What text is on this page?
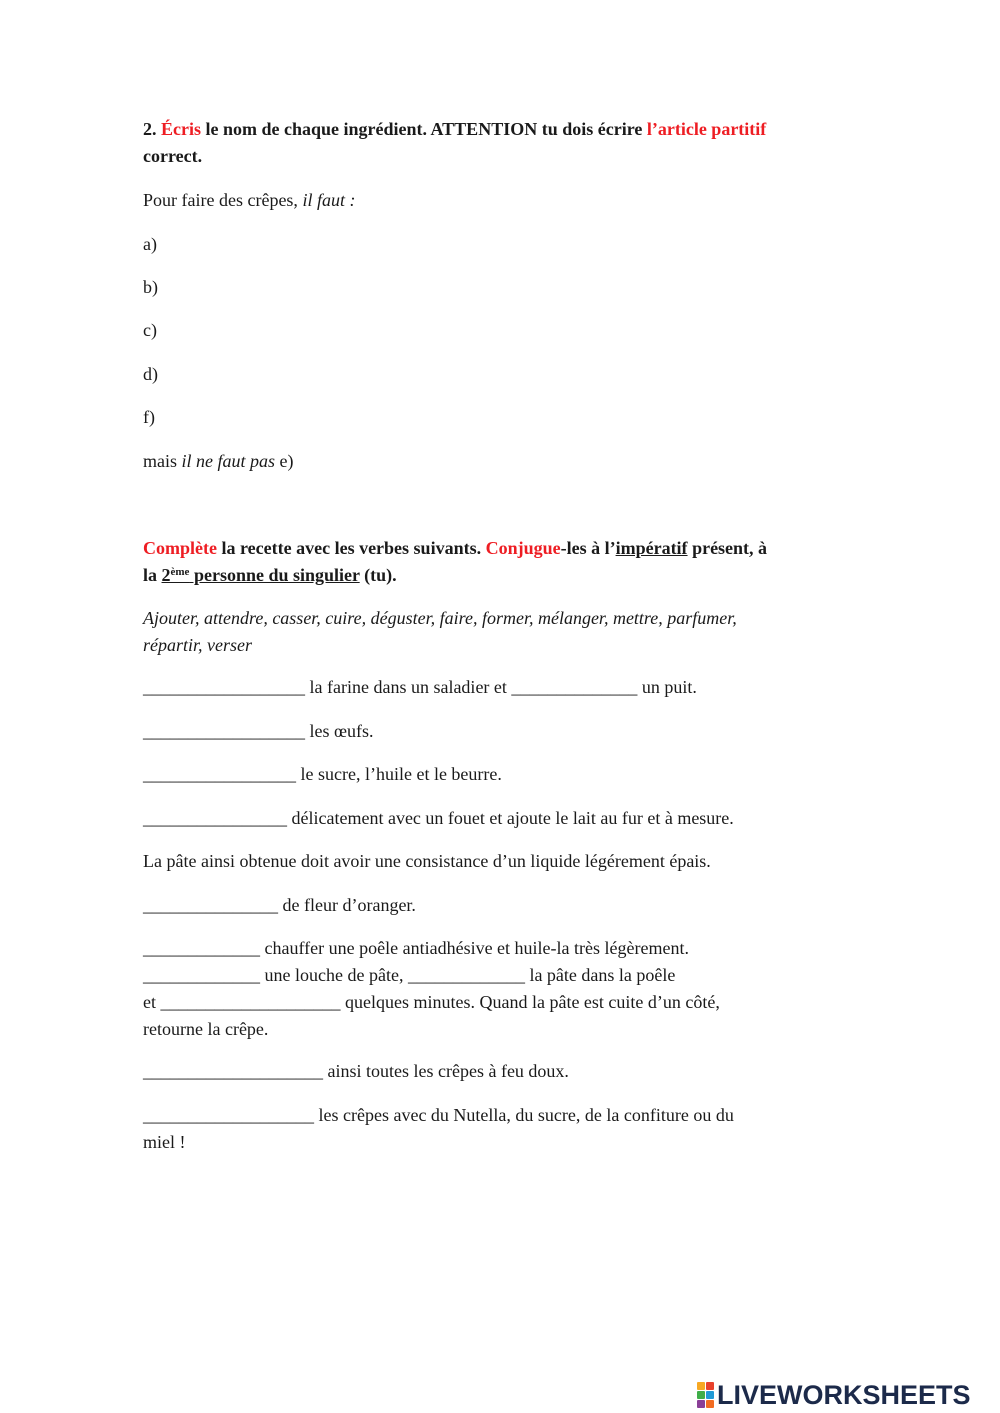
2. Écris le nom de chaque ingrédient. ATTENTION tu dois écrire l’article partitif
correct.
Pour faire des crêpes, il faut :
a)
b)
c)
d)
f)
mais il ne faut pas e)
Complète la recette avec les verbes suivants. Conjugue-les à l’impératif présent, à
la 2ème personne du singulier (tu).
Ajouter, attendre, casser, cuire, déguster, faire, former, mélanger, mettre, parfumer,
répartir, verser
__________________ la farine dans un saladier et ______________ un puit.
__________________ les œufs.
_________________ le sucre, l’huile et le beurre.
________________ délicatement avec un fouet et ajoute le lait au fur et à mesure.
La pâte ainsi obtenue doit avoir une consistance d’un liquide légérement épais.
_______________ de fleur d’oranger.
_____________ chauffer une poêle antiadhésive et huile-la très légèrement.
_____________ une louche de pâte, _____________ la pâte dans la poêle
et ____________________ quelques minutes. Quand la pâte est cuite d’un côté,
retourne la crêpe.
____________________ ainsi toutes les crêpes à feu doux.
___________________ les crêpes avec du Nutella, du sucre, de la confiture ou du
miel !
LIVEWORKSHEETS
